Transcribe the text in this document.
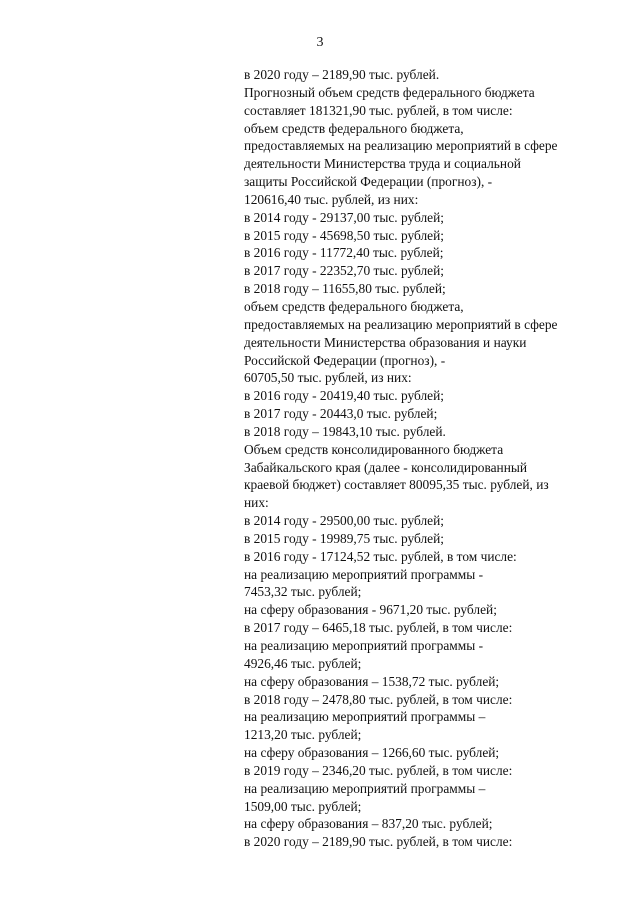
3
в 2020 году – 2189,90 тыс. рублей.
Прогнозный объем средств федерального бюджета
составляет 181321,90 тыс. рублей, в том числе:
объем средств федерального бюджета,
предоставляемых на реализацию мероприятий в сфере
деятельности Министерства труда и социальной
защиты Российской Федерации (прогноз), -
120616,40 тыс. рублей, из них:
в 2014 году - 29137,00 тыс. рублей;
в 2015 году - 45698,50 тыс. рублей;
в 2016 году - 11772,40 тыс. рублей;
в 2017 году - 22352,70 тыс. рублей;
в 2018 году – 11655,80 тыс. рублей;
объем средств федерального бюджета,
предоставляемых на реализацию мероприятий в сфере
деятельности Министерства образования и науки
Российской Федерации (прогноз), -
60705,50 тыс. рублей, из них:
в 2016 году - 20419,40 тыс. рублей;
в 2017 году - 20443,0 тыс. рублей;
в 2018 году – 19843,10 тыс. рублей.
Объем средств консолидированного бюджета
Забайкальского края (далее - консолидированный
краевой бюджет) составляет 80095,35 тыс. рублей, из
них:
в 2014 году - 29500,00 тыс. рублей;
в 2015 году - 19989,75 тыс. рублей;
в 2016 году - 17124,52 тыс. рублей, в том числе:
на реализацию мероприятий программы -
7453,32 тыс. рублей;
на сферу образования - 9671,20 тыс. рублей;
в 2017 году – 6465,18 тыс. рублей, в том числе:
на реализацию мероприятий программы -
4926,46 тыс. рублей;
на сферу образования – 1538,72 тыс. рублей;
в 2018 году – 2478,80 тыс. рублей, в том числе:
на реализацию мероприятий программы –
1213,20 тыс. рублей;
на сферу образования – 1266,60 тыс. рублей;
в 2019 году – 2346,20 тыс. рублей, в том числе:
на реализацию мероприятий программы –
1509,00 тыс. рублей;
на сферу образования – 837,20 тыс. рублей;
в 2020 году – 2189,90 тыс. рублей, в том числе:
